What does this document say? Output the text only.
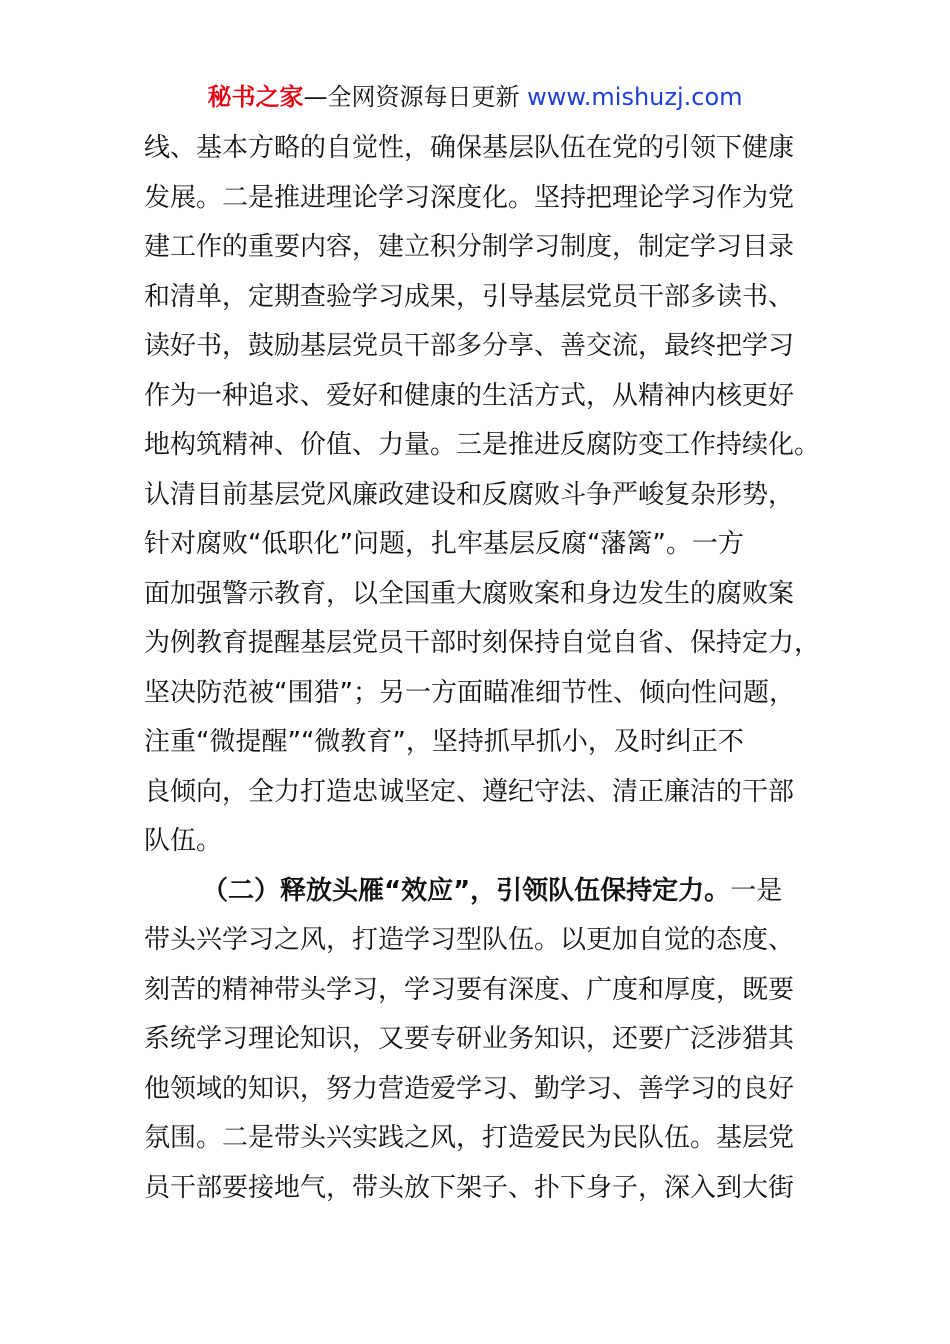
秘书之家—全网资源每日更新 www.mishuzj.com
线、基本方略的自觉性，确保基层队伍在党的引领下健康
发展。二是推进理论学习深度化。坚持把理论学习作为党
建工作的重要内容，建立积分制学习制度，制定学习目录
和清单，定期查验学习成果，引导基层党员干部多读书、
读好书，鼓励基层党员干部多分享、善交流，最终把学习
作为一种追求、爱好和健康的生活方式，从精神内核更好
地构筑精神、价值、力量。三是推进反腐防变工作持续化。
认清目前基层党风廉政建设和反腐败斗争严峻复杂形势，
针对腐败“低职化”问题，扎牢基层反腐“藩篱”。一方
面加强警示教育，以全国重大腐败案和身边发生的腐败案
为例教育提醒基层党员干部时刻保持自觉自省、保持定力，
坚决防范被“围猎”；另一方面瞄准细节性、倾向性问题，
注重“微提醒”“微教育”，坚持抓早抓小，及时纠正不
良倾向，全力打造忠诚坚定、遵纪守法、清正廉洁的干部
队伍。
（二）释放头雁“效应”，引领队伍保持定力。一是
带头兴学习之风，打造学习型队伍。以更加自觉的态度、
刻苦的精神带头学习，学习要有深度、广度和厚度，既要
系统学习理论知识，又要专研业务知识，还要广泛涉猎其
他领域的知识，努力营造爱学习、勤学习、善学习的良好
氛围。二是带头兴实践之风，打造爱民为民队伍。基层党
员干部要接地气，带头放下架子、扑下身子，深入到大街
